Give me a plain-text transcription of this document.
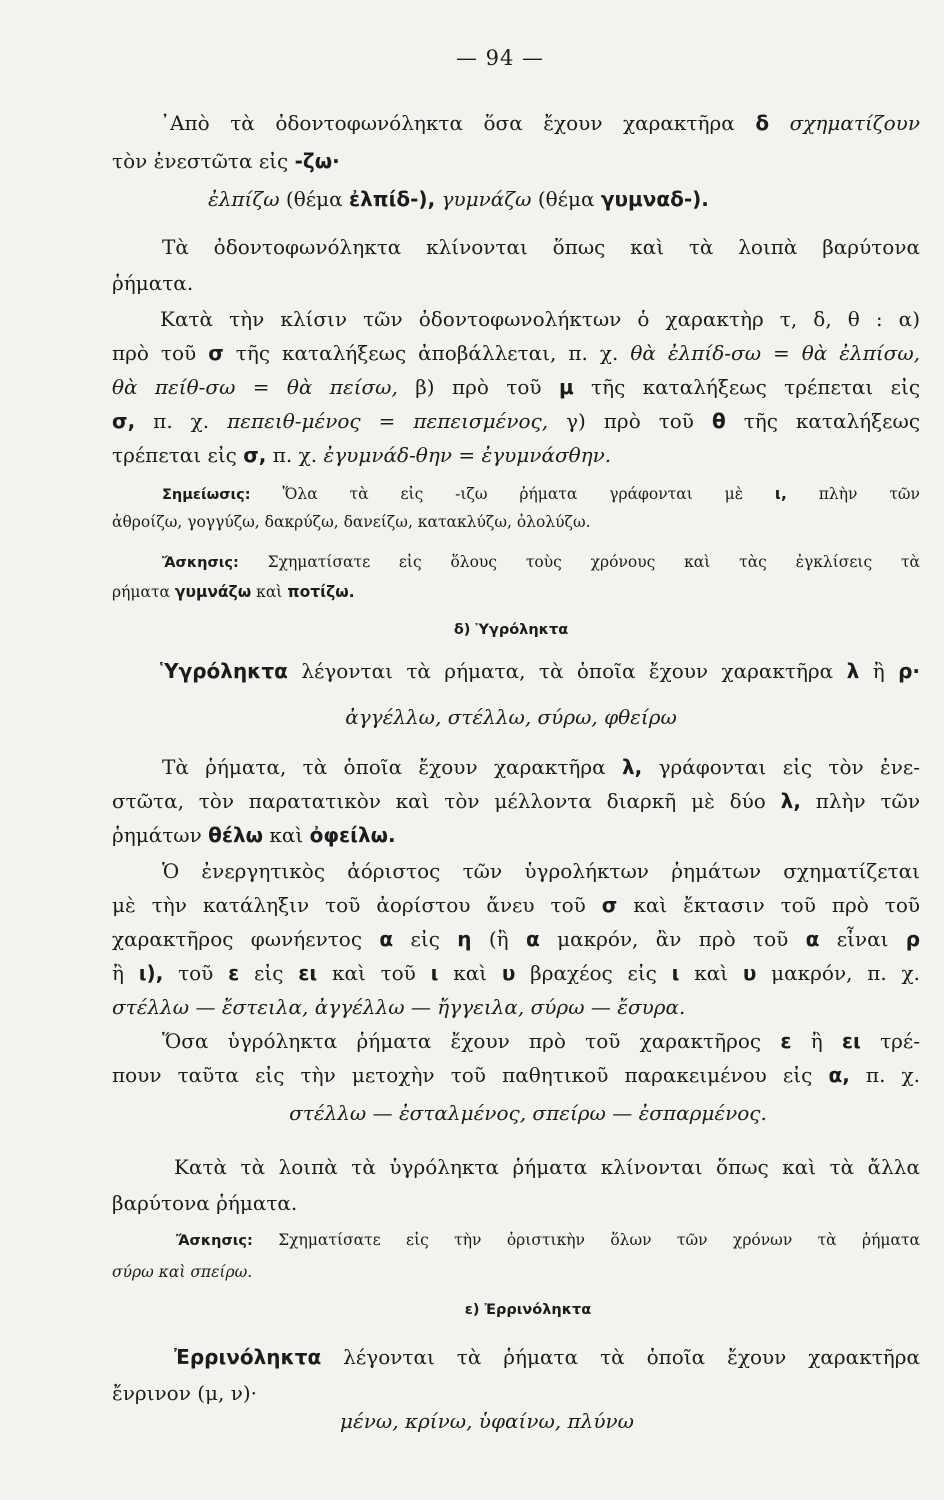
— 94 —
᾽Απὸ τὰ ὀδοντοφωνόληκτα ὅσα ἔχουν χαρακτῆρα δ σχηματίζουν
τὸν ἐνεστῶτα εἰς -ζω·
ἐλπίζω (θέμα ἐλπίδ-), γυμνάζω (θέμα γυμναδ-).
Τὰ ὀδοντοφωνόληκτα κλίνονται ὅπως καὶ τὰ λοιπὰ βαρύτονα
ῥήματα.
Κατὰ τὴν κλίσιν τῶν ὀδοντοφωνολήκτων ὁ χαρακτὴρ τ, δ, θ : α)
πρὸ τοῦ σ τῆς καταλήξεως ἀποβάλλεται, π. χ. θὰ ἐλπίδ-σω = θὰ ἐλπίσω,
θὰ πείθ-σω = θὰ πείσω, β) πρὸ τοῦ μ τῆς καταλήξεως τρέπεται εἰς
σ, π. χ. πεπειθ-μένος = πεπεισμένος, γ) πρὸ τοῦ θ τῆς καταλήξεως
τρέπεται εἰς σ, π. χ. ἐγυμνάδ-θην = ἐγυμνάσθην.
Σημείωσις: Ὅλα τὰ εἰς -ιζω ῥήματα γράφονται μὲ ι, πλὴν τῶν
ἀθροίζω, γογγύζω, δακρύζω, δανείζω, κατακλύζω, ὀλολύζω.
Ἄσκησις: Σχηματίσατε εἰς ὅλους τοὺς χρόνους καὶ τὰς ἐγκλίσεις τὰ
ρήματα γυμνάζω καὶ ποτίζω.
δ) Ὑγρόληκτα
Ὑγρόληκτα λέγονται τὰ ρήματα, τὰ ὁποῖα ἔχουν χαρακτῆρα λ ἢ ρ·
ἀγγέλλω, στέλλω, σύρω, φθείρω
Τὰ ῥήματα, τὰ ὁποῖα ἔχουν χαρακτῆρα λ, γράφονται εἰς τὸν ἐνε-
στῶτα, τὸν παρατατικὸν καὶ τὸν μέλλοντα διαρκῆ μὲ δύο λ, πλὴν τῶν
ῥημάτων θέλω καὶ ὀφείλω.
Ὁ ἐνεργητικὸς ἀόριστος τῶν ὑγρολήκτων ῥημάτων σχηματίζεται
μὲ τὴν κατάληξιν τοῦ ἀορίστου ἄνευ τοῦ σ καὶ ἔκτασιν τοῦ πρὸ τοῦ
χαρακτῆρος φωνήεντος α εἰς η (ἢ α μακρόν, ἂν πρὸ τοῦ α εἶναι ρ
ἢ ι), τοῦ ε εἰς ει καὶ τοῦ ι καὶ υ βραχέος εἰς ι καὶ υ μακρόν, π. χ.
στέλλω — ἔστειλα, ἀγγέλλω — ἤγγειλα, σύρω — ἔσυρα.
Ὅσα ὑγρόληκτα ῥήματα ἔχουν πρὸ τοῦ χαρακτῆρος ε ἢ ει τρέ-
πουν ταῦτα εἰς τὴν μετοχὴν τοῦ παθητικοῦ παρακειμένου εἰς α, π. χ.
στέλλω — ἐσταλμένος, σπείρω — ἐσπαρμένος.
Κατὰ τὰ λοιπὰ τὰ ὑγρόληκτα ῥήματα κλίνονται ὅπως καὶ τὰ ἄλλα
βαρύτονα ῥήματα.
Ἄσκησις: Σχηματίσατε εἰς τὴν ὁριστικὴν ὅλων τῶν χρόνων τὰ ῥήματα
σύρω καὶ σπείρω.
ε) Ἐρρινόληκτα
Ἐρρινόληκτα λέγονται τὰ ῥήματα τὰ ὁποῖα ἔχουν χαρακτῆρα
ἔνρινον (μ, ν)·
μένω, κρίνω, ὑφαίνω, πλύνω
